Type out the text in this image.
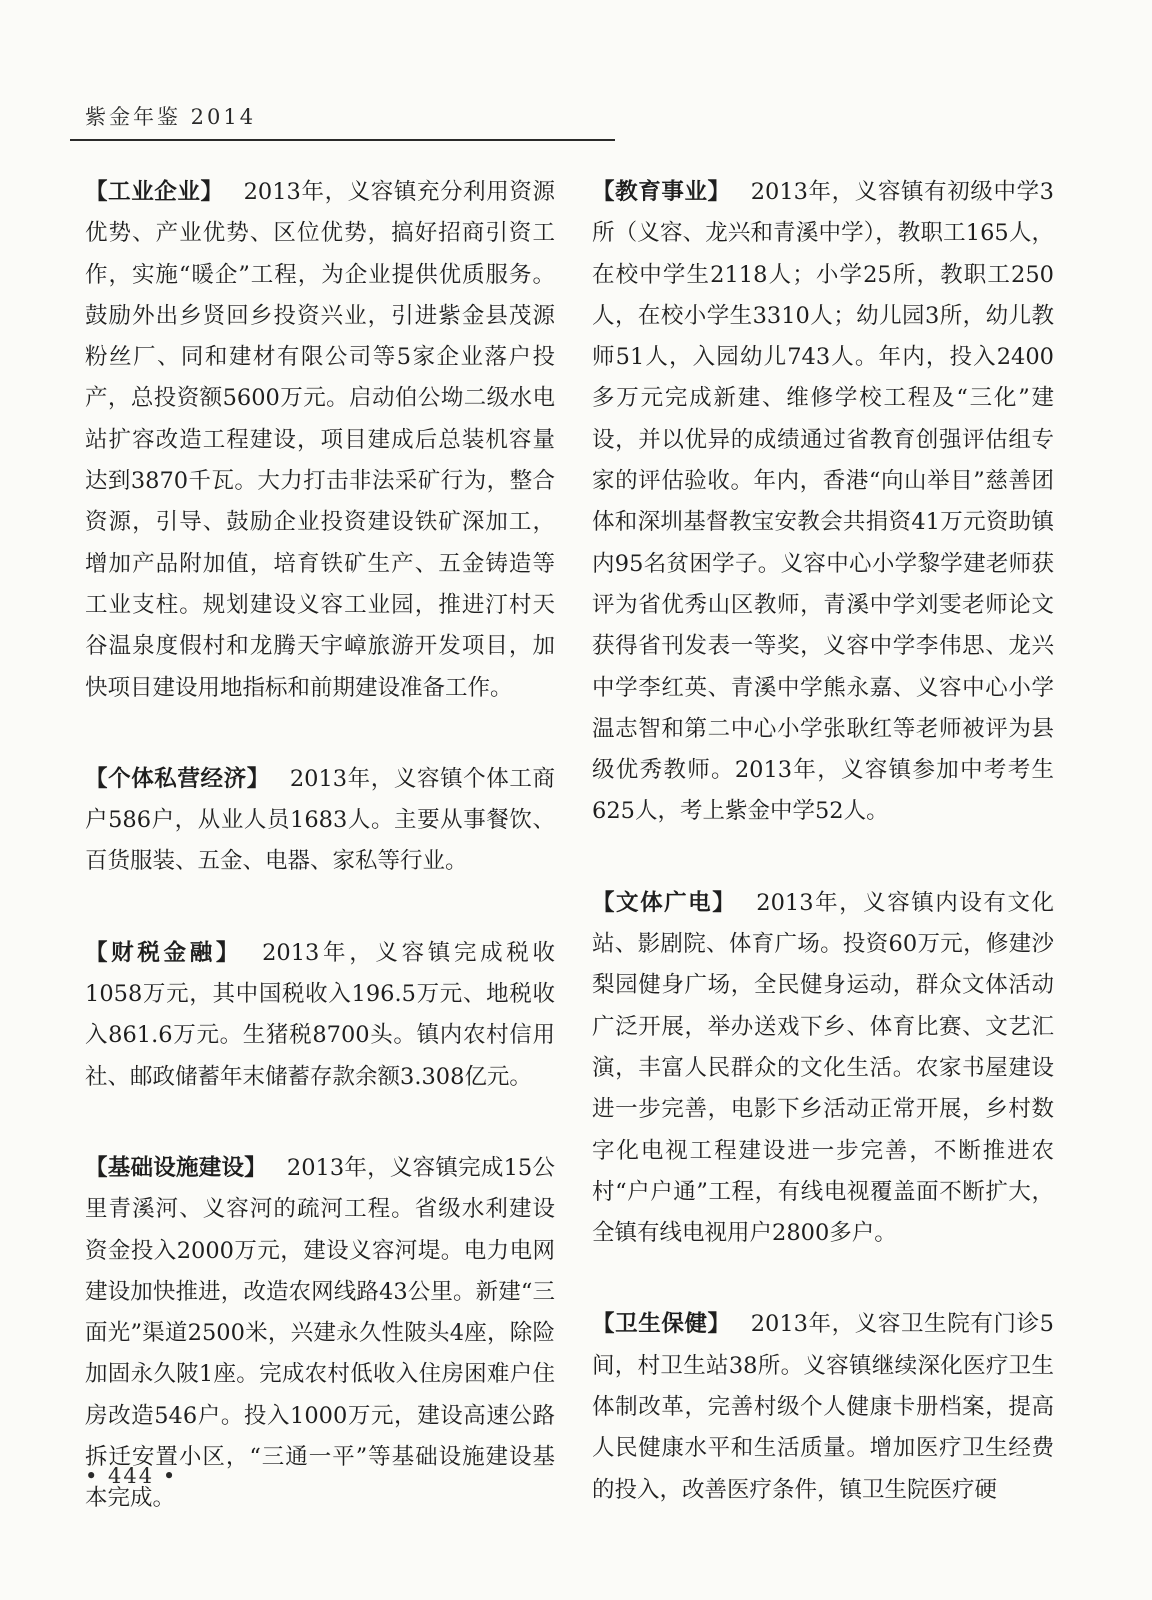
紫金年鉴 2014

【工业企业】 2013年，义容镇充分利用资源优势、产业优势、区位优势，搞好招商引资工作，实施“暖企”工程，为企业提供优质服务。鼓励外出乡贤回乡投资兴业，引进紫金县茂源粉丝厂、同和建材有限公司等5家企业落户投产，总投资额5600万元。启动伯公坳二级水电站扩容改造工程建设，项目建成后总装机容量达到3870千瓦。大力打击非法采矿行为，整合资源，引导、鼓励企业投资建设铁矿深加工，增加产品附加值，培育铁矿生产、五金铸造等工业支柱。规划建设义容工业园，推进汀村天谷温泉度假村和龙腾天宇嶂旅游开发项目，加快项目建设用地指标和前期建设准备工作。

【个体私营经济】 2013年，义容镇个体工商户586户，从业人员1683人。主要从事餐饮、百货服装、五金、电器、家私等行业。

【财税金融】 2013年，义容镇完成税收1058万元，其中国税收入196.5万元、地税收入861.6万元。生猪税8700头。镇内农村信用社、邮政储蓄年末储蓄存款余额3.308亿元。

【基础设施建设】 2013年，义容镇完成15公里青溪河、义容河的疏河工程。省级水利建设资金投入2000万元，建设义容河堤。电力电网建设加快推进，改造农网线路43公里。新建“三面光”渠道2500米，兴建永久性陂头4座，除险加固永久陂1座。完成农村低收入住房困难户住房改造546户。投入1000万元，建设高速公路拆迁安置小区，“三通一平”等基础设施建设基本完成。

【教育事业】 2013年，义容镇有初级中学3所（义容、龙兴和青溪中学），教职工165人，在校中学生2118人；小学25所，教职工250人，在校小学生3310人；幼儿园3所，幼儿教师51人，入园幼儿743人。年内，投入2400多万元完成新建、维修学校工程及“三化”建设，并以优异的成绩通过省教育创强评估组专家的评估验收。年内，香港“向山举目”慈善团体和深圳基督教宝安教会共捐资41万元资助镇内95名贫困学子。义容中心小学黎学建老师获评为省优秀山区教师，青溪中学刘雯老师论文获得省刊发表一等奖，义容中学李伟思、龙兴中学李红英、青溪中学熊永嘉、义容中心小学温志智和第二中心小学张耿红等老师被评为县级优秀教师。2013年，义容镇参加中考考生625人，考上紫金中学52人。

【文体广电】 2013年，义容镇内设有文化站、影剧院、体育广场。投资60万元，修建沙梨园健身广场，全民健身运动，群众文体活动广泛开展，举办送戏下乡、体育比赛、文艺汇演，丰富人民群众的文化生活。农家书屋建设进一步完善，电影下乡活动正常开展，乡村数字化电视工程建设进一步完善，不断推进农村“户户通”工程，有线电视覆盖面不断扩大，全镇有线电视用户2800多户。

【卫生保健】 2013年，义容卫生院有门诊5间，村卫生站38所。义容镇继续深化医疗卫生体制改革，完善村级个人健康卡册档案，提高人民健康水平和生活质量。增加医疗卫生经费的投入，改善医疗条件，镇卫生院医疗硬

• 444 •
